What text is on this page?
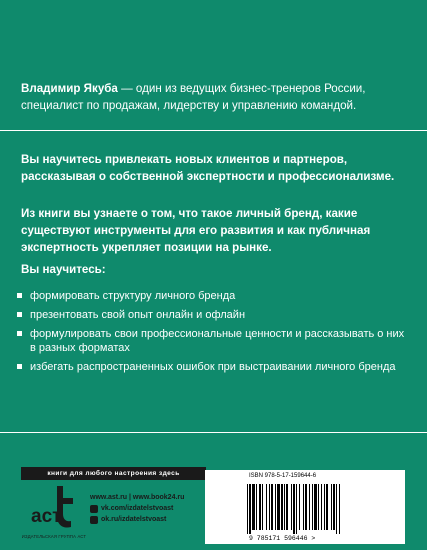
Владимир Якуба — один из ведущих бизнес-тренеров России, специалист по продажам, лидерству и управлению командой.
Вы научитесь привлекать новых клиентов и партнеров, рассказывая о собственной экспертности и профессионализме.
Из книги вы узнаете о том, что такое личный бренд, какие существуют инструменты для его развития и как публичная экспертность укрепляет позиции на рынке.
Вы научитесь:
формировать структуру личного бренда
презентовать свой опыт онлайн и офлайн
формулировать свои профессиональные ценности и рассказывать о них в разных форматах
избегать распространенных ошибок при выстраивании личного бренда
книги для любого настроения здесь
аст
ИЗДАТЕЛЬСКАЯ ГРУППА АСТ
www.ast.ru | www.book24.ru
vk.com/izdatelstvoast
ok.ru/izdatelstvoast
ISBN 978-5-17-159644-6
9 785171 596446 >
